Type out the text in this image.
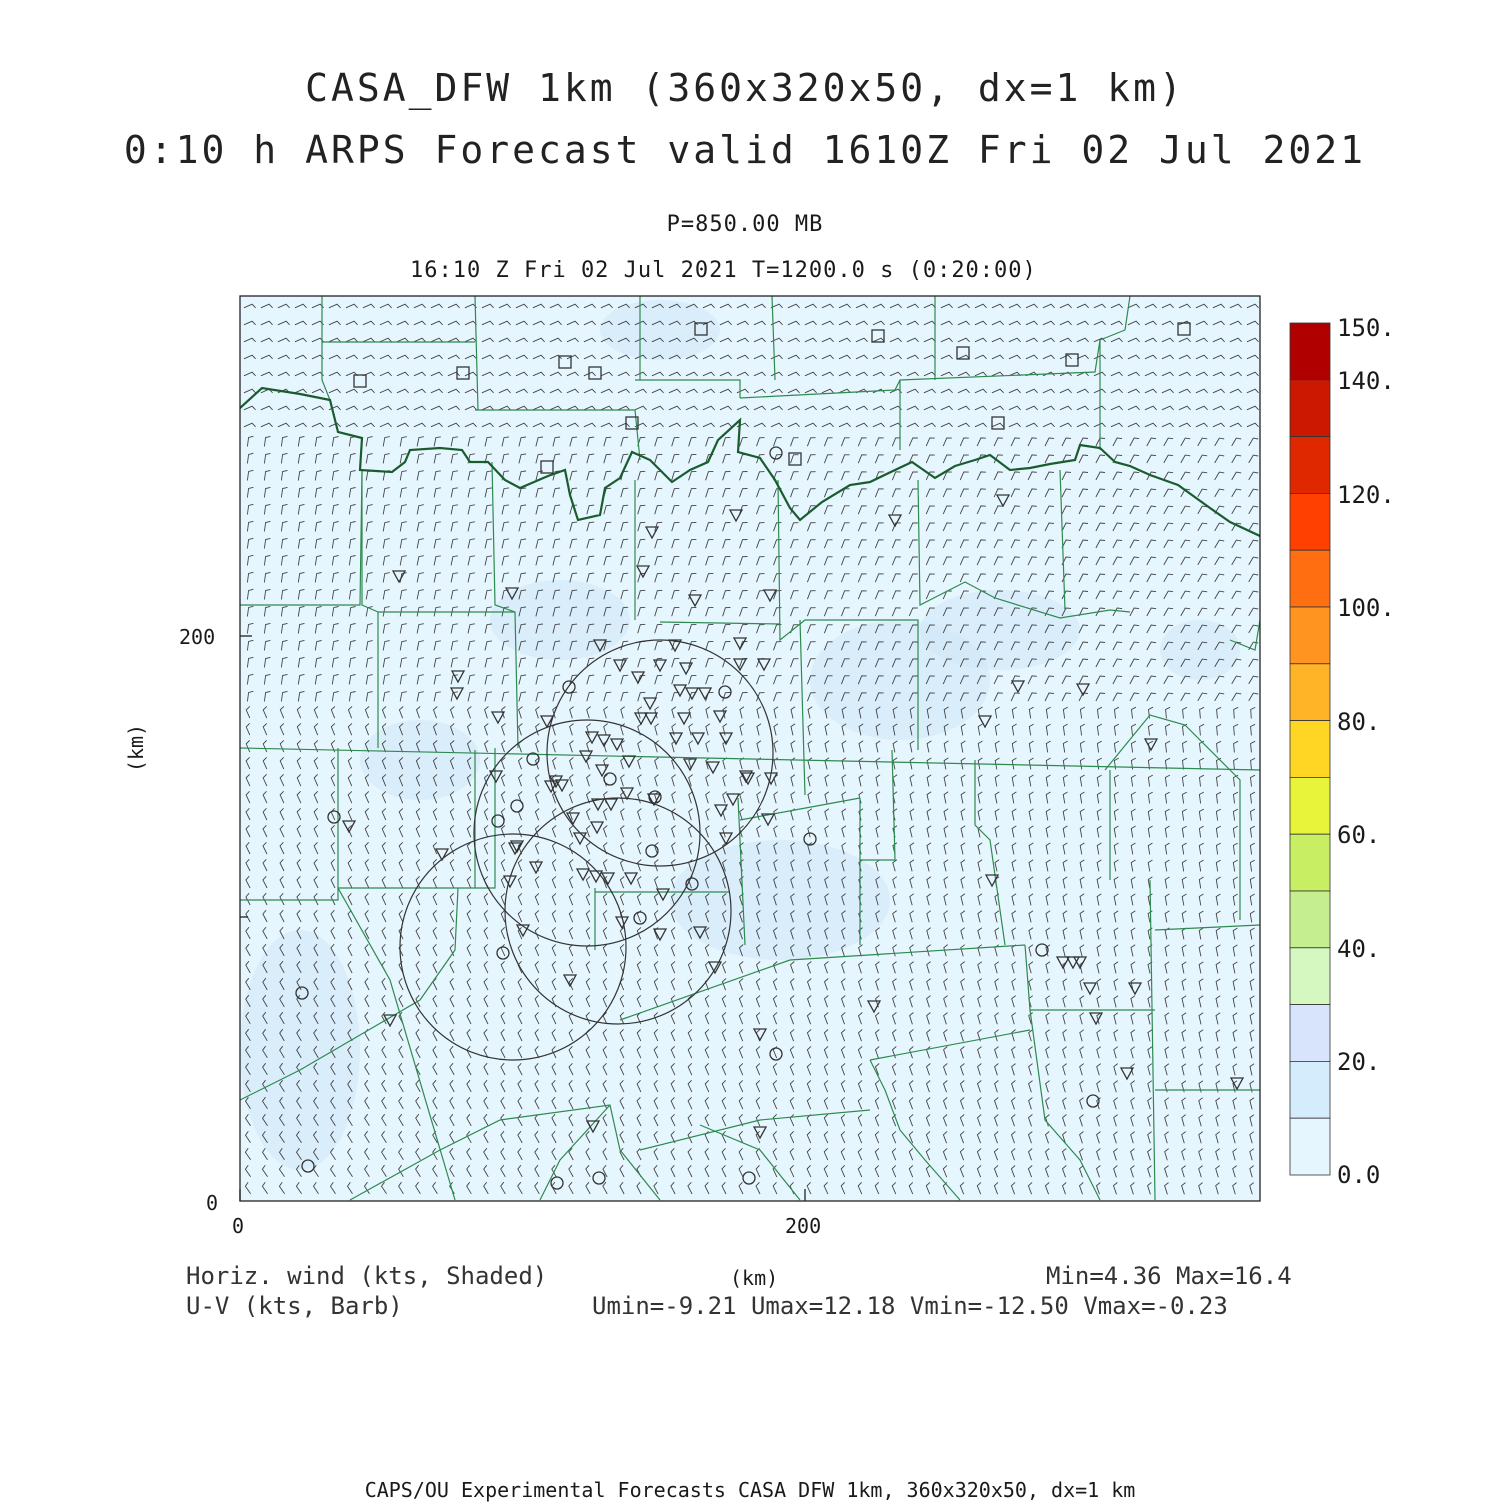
CASA_DFW 1km (360x320x50, dx=1 km)
0:10 h ARPS Forecast valid 1610Z Fri 02 Jul 2021
P=850.00 MB
16:10 Z Fri 02 Jul 2021 T=1200.0 s (0:20:00)
200
0
0	200
(km)
(km)
150.
140.
120.
100.
80.
60.
40.
20.
0.0
Horiz. wind (kts, Shaded)
U-V (kts, Barb)
Min=4.36 Max=16.4
Umin=-9.21 Umax=12.18 Vmin=-12.50 Vmax=-0.23
CAPS/OU Experimental Forecasts CASA DFW 1km, 360x320x50, dx=1 km
